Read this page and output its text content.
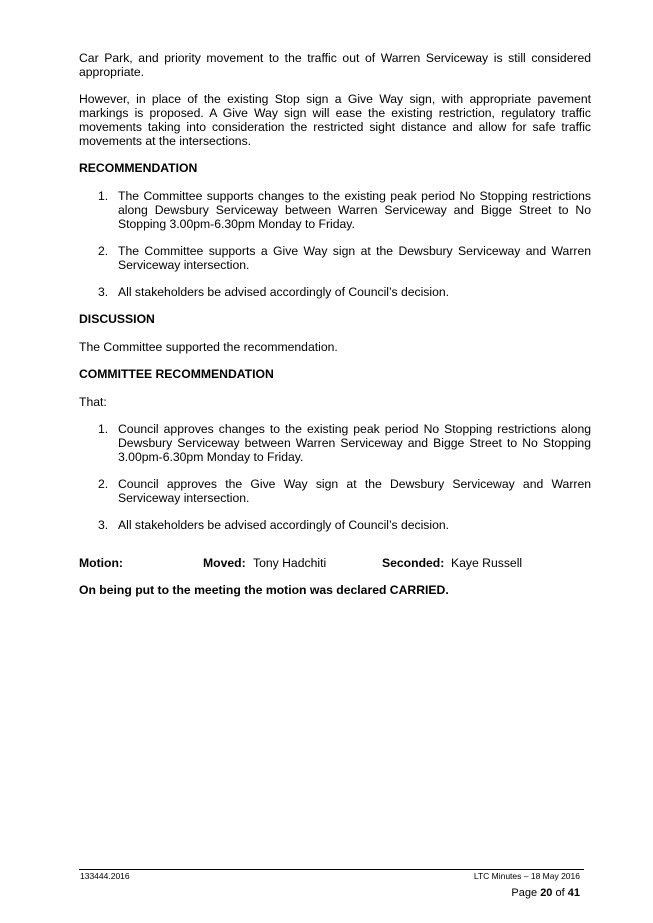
Car Park, and priority movement to the traffic out of Warren Serviceway is still considered appropriate.

However, in place of the existing Stop sign a Give Way sign, with appropriate pavement markings is proposed. A Give Way sign will ease the existing restriction, regulatory traffic movements taking into consideration the restricted sight distance and allow for safe traffic movements at the intersections.

RECOMMENDATION

1. The Committee supports changes to the existing peak period No Stopping restrictions along Dewsbury Serviceway between Warren Serviceway and Bigge Street to No Stopping 3.00pm-6.30pm Monday to Friday.
2. The Committee supports a Give Way sign at the Dewsbury Serviceway and Warren Serviceway intersection.
3. All stakeholders be advised accordingly of Council’s decision.

DISCUSSION

The Committee supported the recommendation.

COMMITTEE RECOMMENDATION

That:

1. Council approves changes to the existing peak period No Stopping restrictions along Dewsbury Serviceway between Warren Serviceway and Bigge Street to No Stopping 3.00pm-6.30pm Monday to Friday.
2. Council approves the Give Way sign at the Dewsbury Serviceway and Warren Serviceway intersection.
3. All stakeholders be advised accordingly of Council’s decision.
Motion:	Moved: Tony Hadchiti	Seconded: Kaye Russell

On being put to the meeting the motion was declared CARRIED.

133444.2016	LTC Minutes – 18 May 2016
Page 20 of 41
